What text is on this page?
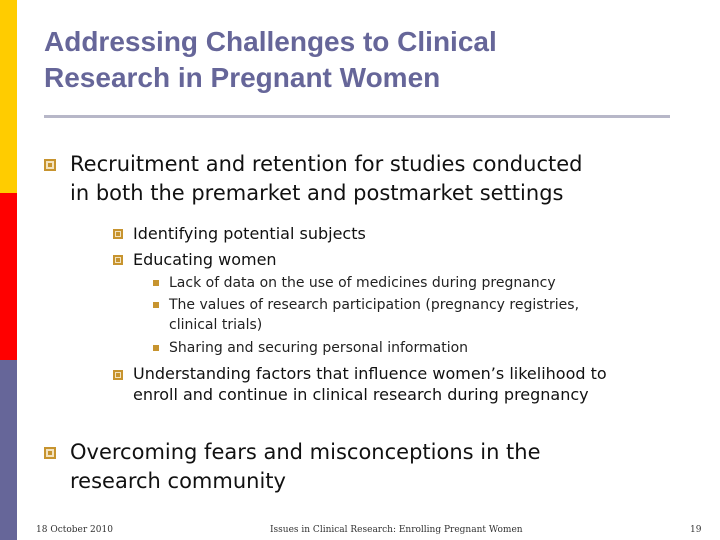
Addressing Challenges to Clinical
Research in Pregnant Women
Recruitment and retention for studies conducted
in both the premarket and postmarket settings
Identifying potential subjects
Educating women
Lack of data on the use of medicines during pregnancy
The values of research participation (pregnancy registries,
clinical trials)
Sharing and securing personal information
Understanding factors that influence women’s likelihood to
enroll and continue in clinical research during pregnancy
Overcoming fears and misconceptions in the
research community
18 October 2010	Issues in Clinical Research: Enrolling Pregnant Women	19
